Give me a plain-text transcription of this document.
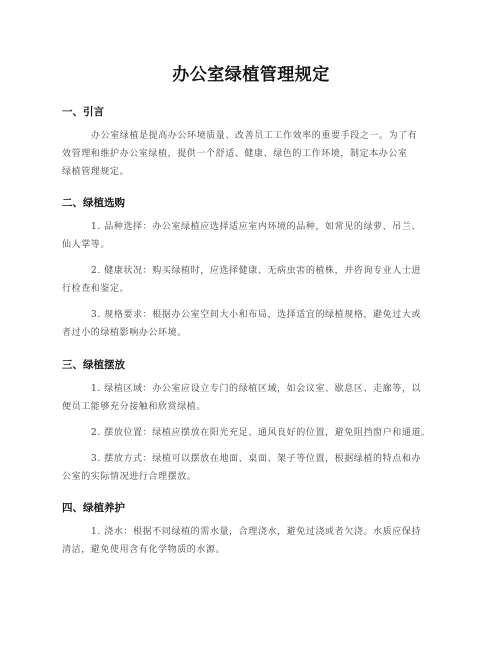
办公室绿植管理规定
一、引言

办公室绿植是提高办公环境质量、改善员工工作效率的重要手段之一。为了有

效管理和维护办公室绿植，提供一个舒适、健康、绿色的工作环境，制定本办公室

绿植管理规定。

二、绿植选购

1. 品种选择：办公室绿植应选择适应室内环境的品种，如常见的绿萝、吊兰、

仙人掌等。

2. 健康状况：购买绿植时，应选择健康、无病虫害的植株，并咨询专业人士进

行检查和鉴定。

3. 规格要求：根据办公室空间大小和布局，选择适宜的绿植规格，避免过大或

者过小的绿植影响办公环境。

三、绿植摆放

1. 绿植区域：办公室应设立专门的绿植区域，如会议室、歇息区、走廊等，以

便员工能够充分接触和欣赏绿植。

2. 摆放位置：绿植应摆放在阳光充足、通风良好的位置，避免阻挡窗户和通道。

3. 摆放方式：绿植可以摆放在地面、桌面、架子等位置，根据绿植的特点和办

公室的实际情况进行合理摆放。

四、绿植养护

1. 浇水：根据不同绿植的需水量，合理浇水，避免过浇或者欠浇。水质应保持

清洁，避免使用含有化学物质的水源。
